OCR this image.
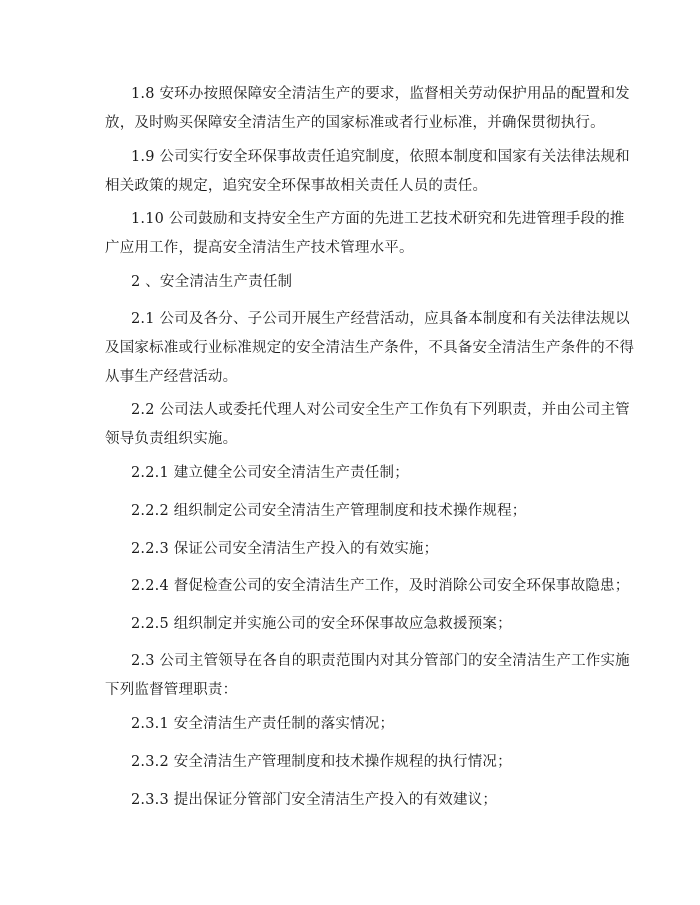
1.8 安环办按照保障安全清洁生产的要求，监督相关劳动保护用品的配置和发
放，及时购买保障安全清洁生产的国家标准或者行业标准，并确保贯彻执行。
1.9 公司实行安全环保事故责任追究制度，依照本制度和国家有关法律法规和
相关政策的规定，追究安全环保事故相关责任人员的责任。
1.10 公司鼓励和支持安全生产方面的先进工艺技术研究和先进管理手段的推
广应用工作，提高安全清洁生产技术管理水平。
2 、安全清洁生产责任制
2.1 公司及各分、子公司开展生产经营活动，应具备本制度和有关法律法规以
及国家标准或行业标准规定的安全清洁生产条件，不具备安全清洁生产条件的不得
从事生产经营活动。
2.2 公司法人或委托代理人对公司安全生产工作负有下列职责，并由公司主管
领导负责组织实施。
2.2.1 建立健全公司安全清洁生产责任制；
2.2.2 组织制定公司安全清洁生产管理制度和技术操作规程；
2.2.3 保证公司安全清洁生产投入的有效实施；
2.2.4 督促检查公司的安全清洁生产工作，及时消除公司安全环保事故隐患；
2.2.5 组织制定并实施公司的安全环保事故应急救援预案；
2.3 公司主管领导在各自的职责范围内对其分管部门的安全清洁生产工作实施
下列监督管理职责：
2.3.1 安全清洁生产责任制的落实情况；
2.3.2 安全清洁生产管理制度和技术操作规程的执行情况；
2.3.3 提出保证分管部门安全清洁生产投入的有效建议；
